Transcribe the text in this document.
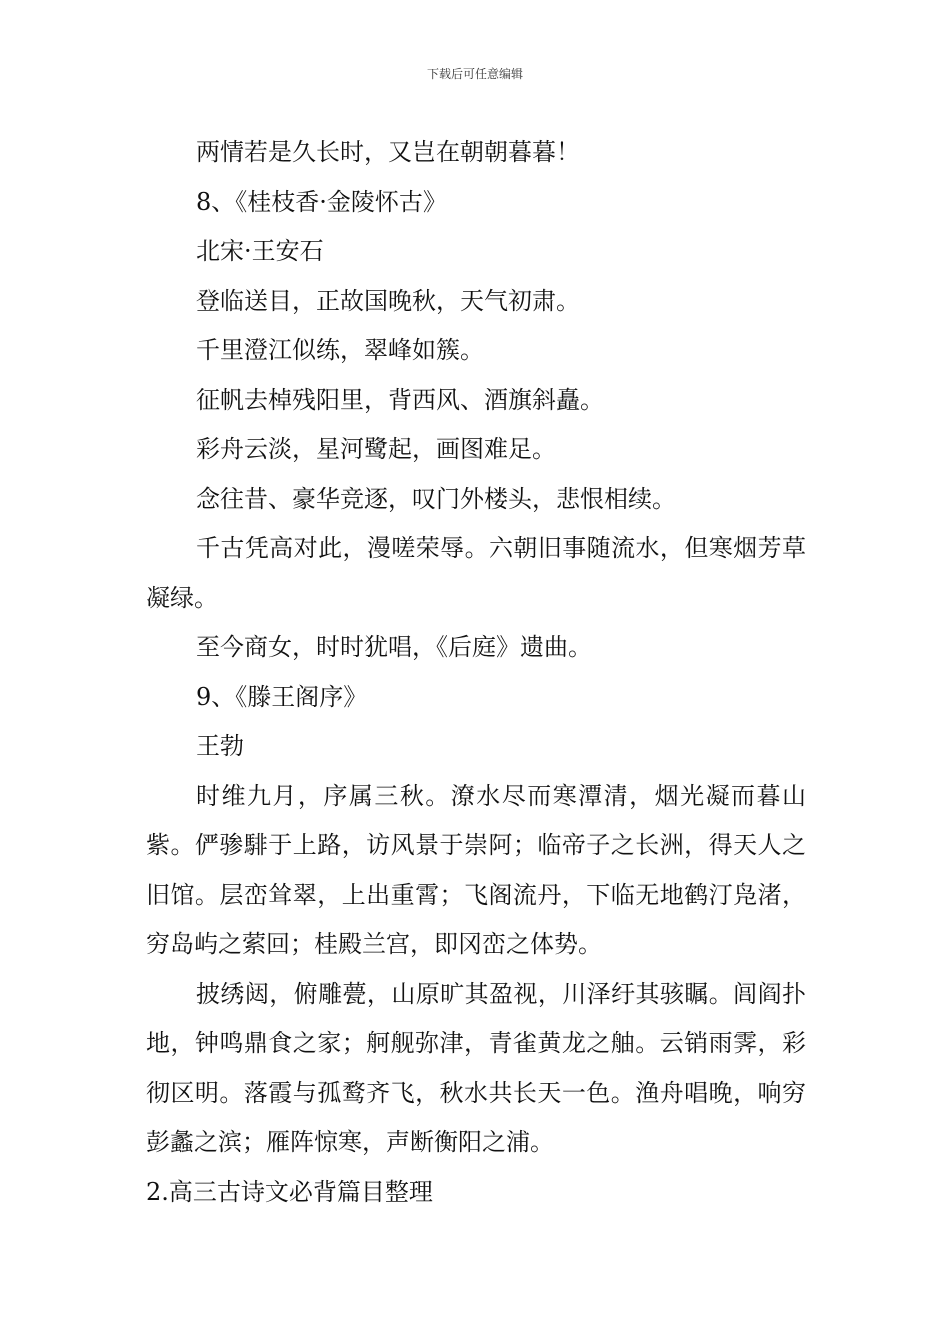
下载后可任意编辑

两情若是久长时，又岂在朝朝暮暮！

8、《桂枝香·金陵怀古》

北宋·王安石

登临送目，正故国晚秋，天气初肃。

千里澄江似练，翠峰如簇。

征帆去棹残阳里，背西风、酒旗斜矗。

彩舟云淡，星河鹭起，画图难足。

念往昔、豪华竞逐，叹门外楼头，悲恨相续。

千古凭高对此，漫嗟荣辱。六朝旧事随流水，但寒烟芳草凝绿。

至今商女，时时犹唱，《后庭》遗曲。

9、《滕王阁序》

王勃

时维九月，序属三秋。潦水尽而寒潭清，烟光凝而暮山紫。俨骖騑于上路，访风景于崇阿；临帝子之长洲，得天人之旧馆。层峦耸翠，上出重霄；飞阁流丹，下临无地鹤汀凫渚，穷岛屿之萦回；桂殿兰宫，即冈峦之体势。

披绣闼，俯雕甍，山原旷其盈视，川泽纡其骇瞩。闾阎扑地，钟鸣鼎食之家；舸舰弥津，青雀黄龙之舳。云销雨霁，彩彻区明。落霞与孤鹜齐飞，秋水共长天一色。渔舟唱晚，响穷彭蠡之滨；雁阵惊寒，声断衡阳之浦。

2.高三古诗文必背篇目整理
